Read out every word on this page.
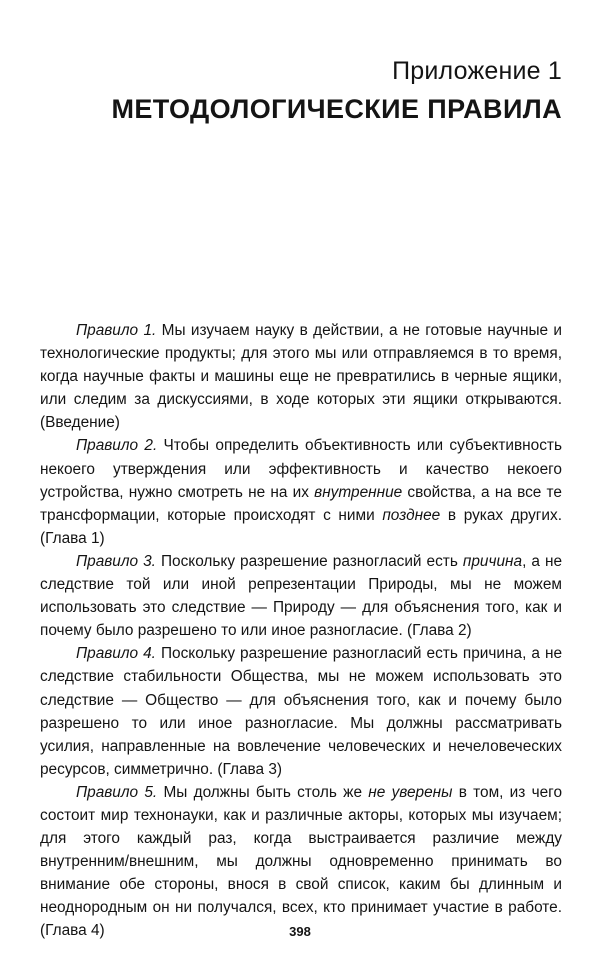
Приложение 1
МЕТОДОЛОГИЧЕСКИЕ ПРАВИЛА

Правило 1. Мы изучаем науку в действии, а не готовые научные и технологические продукты; для этого мы или отправляемся в то время, когда научные факты и машины еще не превратились в черные ящики, или следим за дискуссиями, в ходе которых эти ящики открываются. (Введение)

Правило 2. Чтобы определить объективность или субъективность некоего утверждения или эффективность и качество некоего устройства, нужно смотреть не на их внутренние свойства, а на все те трансформации, которые происходят с ними позднее в руках других. (Глава 1)

Правило 3. Поскольку разрешение разногласий есть причина, а не следствие той или иной репрезентации Природы, мы не можем использовать это следствие — Природу — для объяснения того, как и почему было разрешено то или иное разногласие. (Глава 2)

Правило 4. Поскольку разрешение разногласий есть причина, а не следствие стабильности Общества, мы не можем использовать это следствие — Общество — для объяснения того, как и почему было разрешено то или иное разногласие. Мы должны рассматривать усилия, направленные на вовлечение человеческих и нечеловеческих ресурсов, симметрично. (Глава 3)

Правило 5. Мы должны быть столь же не уверены в том, из чего состоит мир технонауки, как и различные акторы, которых мы изучаем; для этого каждый раз, когда выстраивается различие между внутренним/внешним, мы должны одновременно принимать во внимание обе стороны, внося в свой список, каким бы длинным и неоднородным он ни получался, всех, кто принимает участие в работе. (Глава 4)	398
